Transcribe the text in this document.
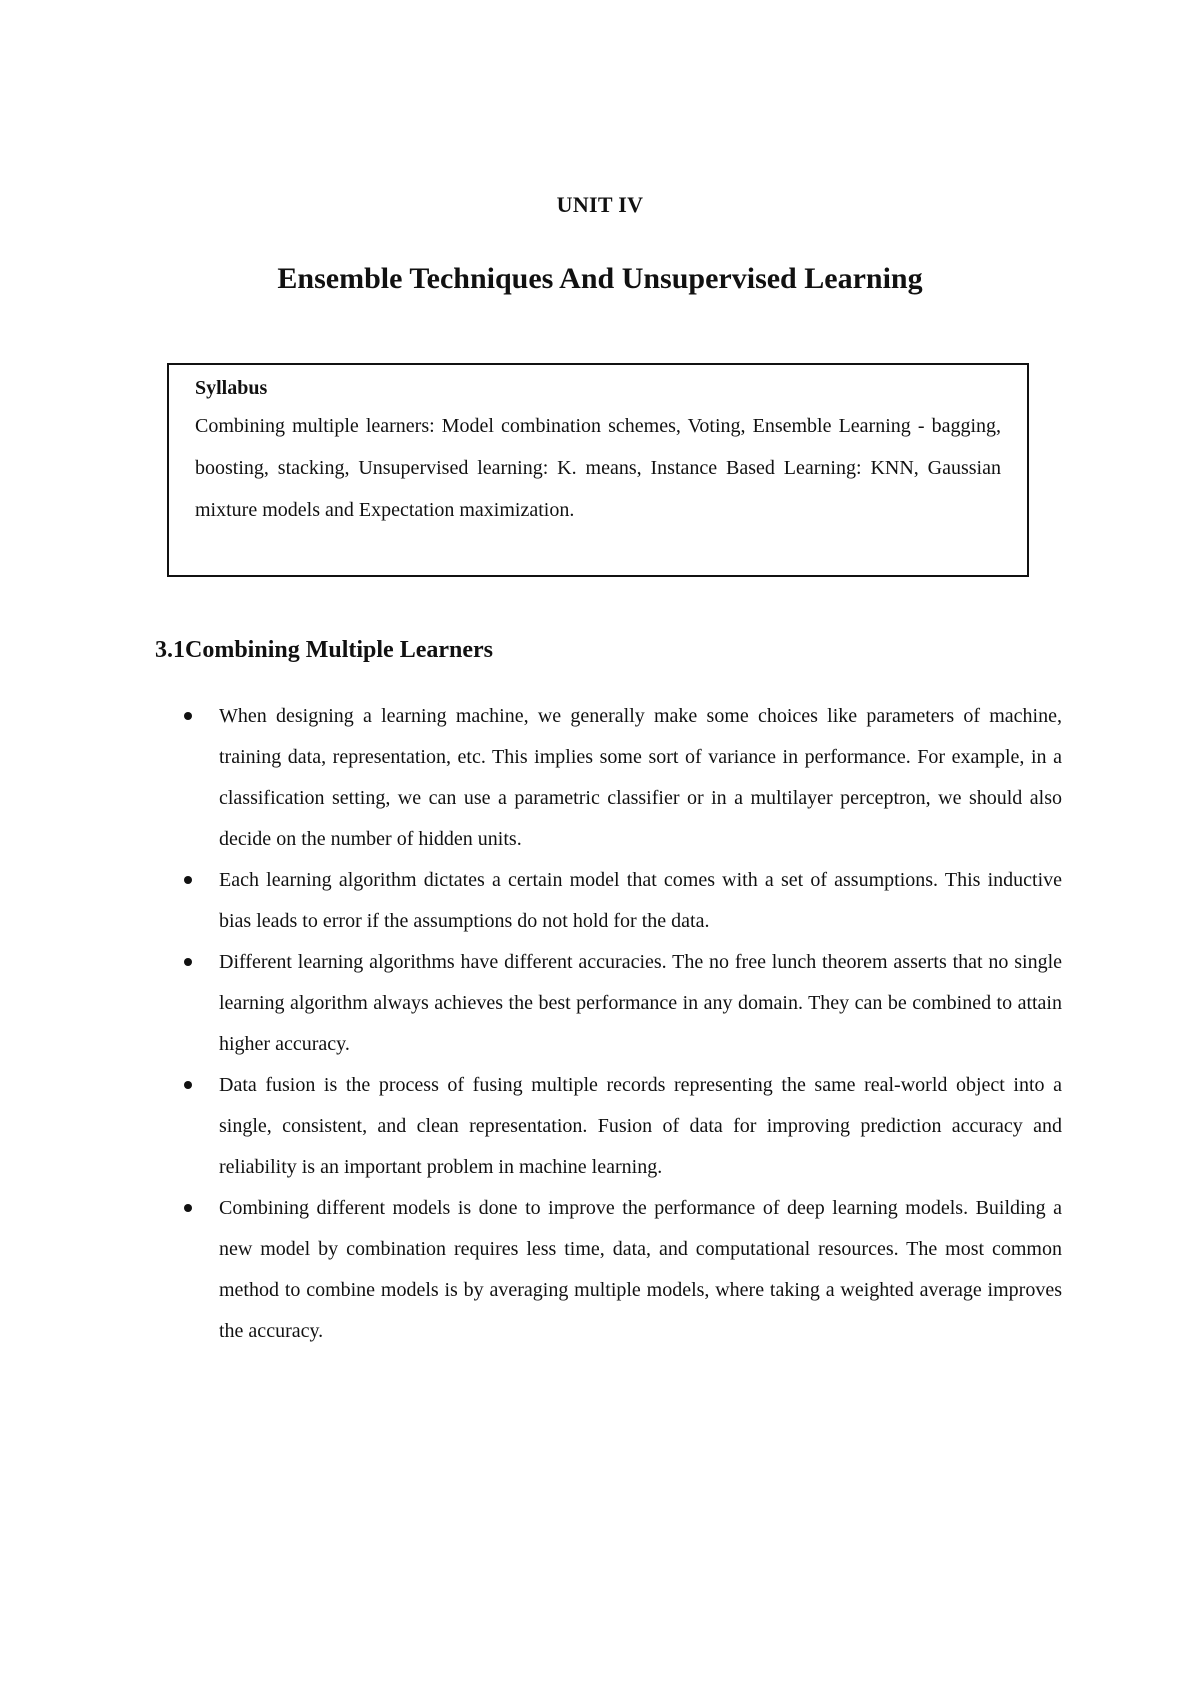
UNIT IV
Ensemble Techniques And Unsupervised Learning
Syllabus
Combining multiple learners: Model combination schemes, Voting, Ensemble Learning - bagging, boosting, stacking, Unsupervised learning: K. means, Instance Based Learning: KNN, Gaussian mixture models and Expectation maximization.
3.1Combining Multiple Learners
When designing a learning machine, we generally make some choices like parameters of machine, training data, representation, etc. This implies some sort of variance in performance. For example, in a classification setting, we can use a parametric classifier or in a multilayer perceptron, we should also decide on the number of hidden units.
Each learning algorithm dictates a certain model that comes with a set of assumptions. This inductive bias leads to error if the assumptions do not hold for the data.
Different learning algorithms have different accuracies. The no free lunch theorem asserts that no single learning algorithm always achieves the best performance in any domain. They can be combined to attain higher accuracy.
Data fusion is the process of fusing multiple records representing the same real-world object into a single, consistent, and clean representation. Fusion of data for improving prediction accuracy and reliability is an important problem in machine learning.
Combining different models is done to improve the performance of deep learning models. Building a new model by combination requires less time, data, and computational resources. The most common method to combine models is by averaging multiple models, where taking a weighted average improves the accuracy.
